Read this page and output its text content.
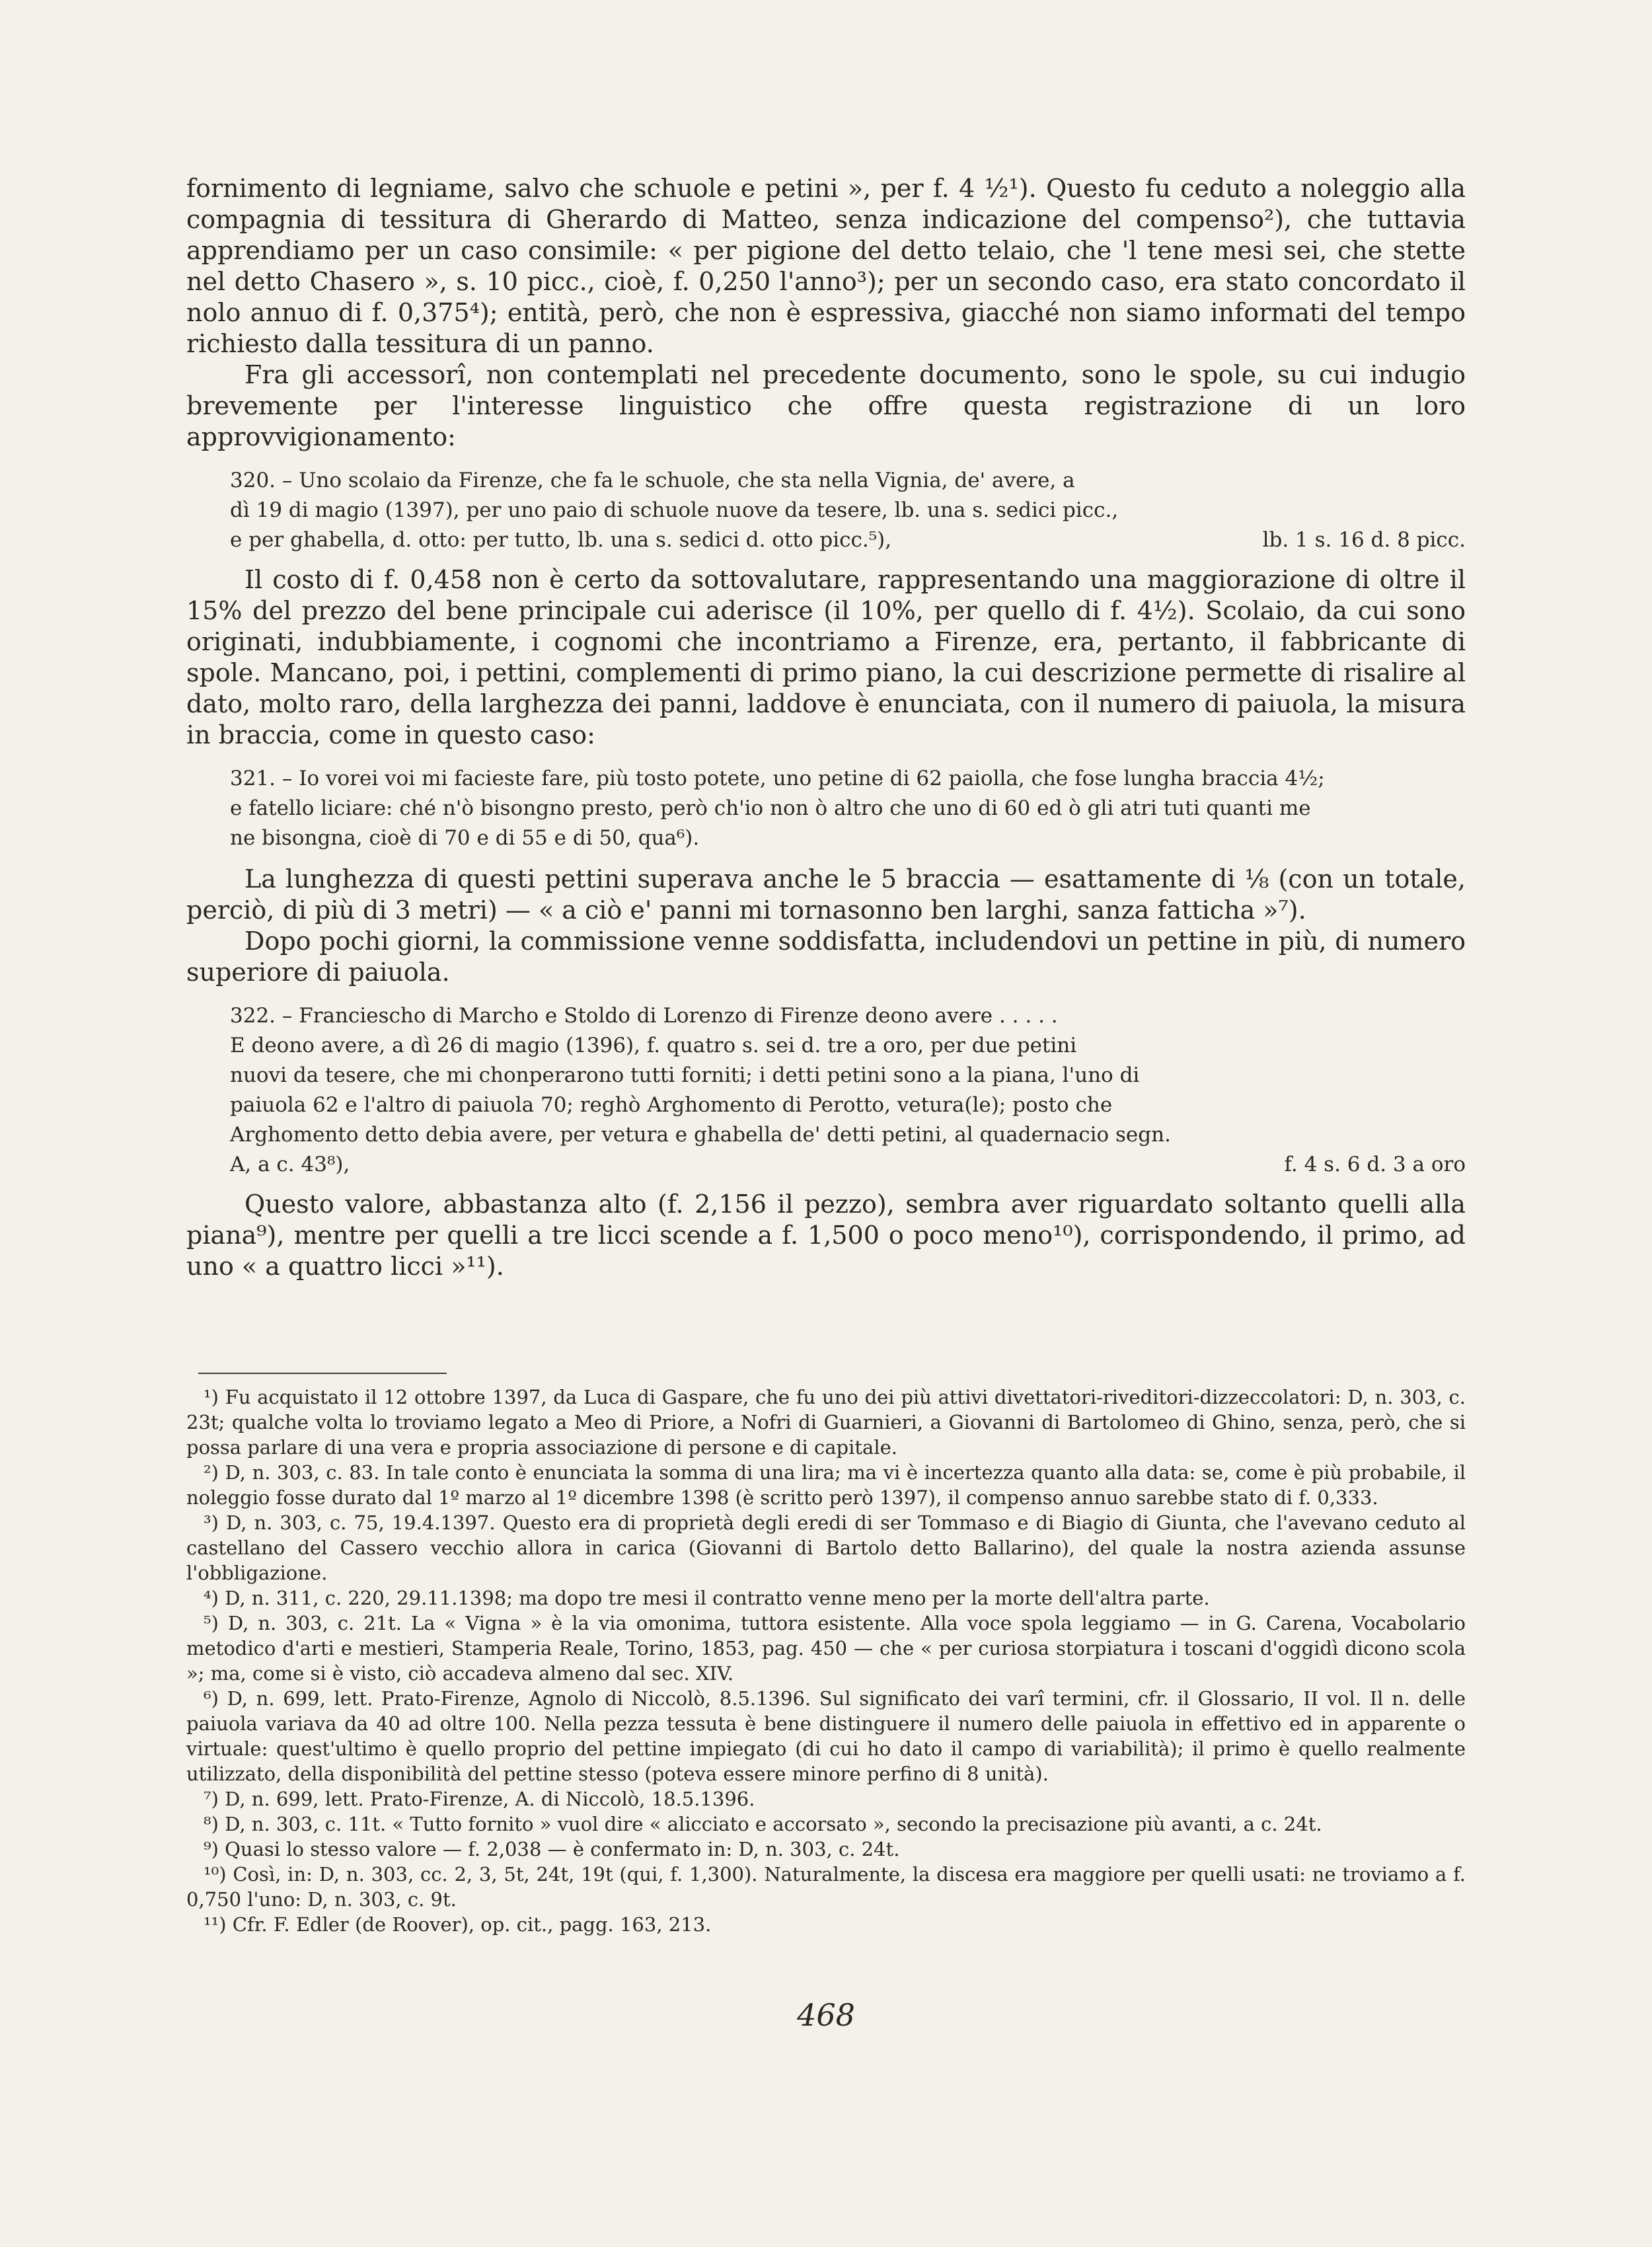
fornimento di legniame, salvo che schuole e petini », per f. 4 ½¹). Questo fu ceduto a noleggio alla compagnia di tessitura di Gherardo di Matteo, senza indicazione del compenso²), che tuttavia apprendiamo per un caso consimile: « per pigione del detto telaio, che 'l tene mesi sei, che stette nel detto Chasero », s. 10 picc., cioè, f. 0,250 l'anno³); per un secondo caso, era stato concordato il nolo annuo di f. 0,375⁴); entità, però, che non è espressiva, giacché non siamo informati del tempo richiesto dalla tessitura di un panno.

Fra gli accessorî, non contemplati nel precedente documento, sono le spole, su cui indugio brevemente per l'interesse linguistico che offre questa registrazione di un loro approvvigionamento:

320. – Uno scolaio da Firenze, che fa le schuole, che sta nella Vignia, de' avere, a
dì 19 di magio (1397), per uno paio di schuole nuove da tesere, lb. una s. sedici picc.,
e per ghabella, d. otto: per tutto, lb. una s. sedici d. otto picc.⁵),	lb. 1 s. 16 d. 8 picc.

Il costo di f. 0,458 non è certo da sottovalutare, rappresentando una maggiorazione di oltre il 15% del prezzo del bene principale cui aderisce (il 10%, per quello di f. 4½). Scolaio, da cui sono originati, indubbiamente, i cognomi che incontriamo a Firenze, era, pertanto, il fabbricante di spole. Mancano, poi, i pettini, complementi di primo piano, la cui descrizione permette di risalire al dato, molto raro, della larghezza dei panni, laddove è enunciata, con il numero di paiuola, la misura in braccia, come in questo caso:

321. – Io vorei voi mi facieste fare, più tosto potete, uno petine di 62 paiolla, che fose lungha braccia 4½;
e fatello liciare: ché n'ò bisongno presto, però ch'io non ò altro che uno di 60 ed ò gli atri tuti quanti me
ne bisongna, cioè di 70 e di 55 e di 50, qua⁶).

La lunghezza di questi pettini superava anche le 5 braccia — esattamente di ⅛ (con un totale, perciò, di più di 3 metri) — « a ciò e' panni mi tornasonno ben larghi, sanza fatticha »⁷).

Dopo pochi giorni, la commissione venne soddisfatta, includendovi un pettine in più, di numero superiore di paiuola.

322. – Francieschо di Marcho e Stoldo di Lorenzo di Firenze deono avere . . . . .
E deono avere, a dì 26 di magio (1396), f. quatro s. sei d. tre a oro, per due petini
nuovi da tesere, che mi chonperarono tutti forniti; i detti petini sono a la piana, l'uno di
paiuola 62 e l'altro di paiuola 70; reghò Arghomento di Perotto, vetura(le); posto che
Arghomento detto debia avere, per vetura e ghabella de' detti petini, al quadernacio segn.
A, a c. 43⁸),	f. 4 s. 6 d. 3 a oro

Questo valore, abbastanza alto (f. 2,156 il pezzo), sembra aver riguardato soltanto quelli alla piana⁹), mentre per quelli a tre licci scende a f. 1,500 o poco meno¹⁰), corrispondendo, il primo, ad uno « a quattro licci »¹¹).

¹) Fu acquistato il 12 ottobre 1397, da Luca di Gaspare, che fu uno dei più attivi divettatori-riveditori-dizzeccolatori: D, n. 303, c. 23t; qualche volta lo troviamo legato a Meo di Priore, a Nofri di Guarnieri, a Giovanni di Bartolomeo di Ghino, senza, però, che si possa parlare di una vera e propria associazione di persone e di capitale.

²) D, n. 303, c. 83. In tale conto è enunciata la somma di una lira; ma vi è incertezza quanto alla data: se, come è più probabile, il noleggio fosse durato dal 1º marzo al 1º dicembre 1398 (è scritto però 1397), il compenso annuo sarebbe stato di f. 0,333.

³) D, n. 303, c. 75, 19.4.1397. Questo era di proprietà degli eredi di ser Tommaso e di Biagio di Giunta, che l'avevano ceduto al castellano del Cassero vecchio allora in carica (Giovanni di Bartolo detto Ballarino), del quale la nostra azienda assunse l'obbligazione.

⁴) D, n. 311, c. 220, 29.11.1398; ma dopo tre mesi il contratto venne meno per la morte dell'altra parte.

⁵) D, n. 303, c. 21t. La « Vigna » è la via omonima, tuttora esistente. Alla voce spola leggiamo — in G. Carena, Vocabolario metodico d'arti e mestieri, Stamperia Reale, Torino, 1853, pag. 450 — che « per curiosa storpiatura i toscani d'oggidì dicono scola »; ma, come si è visto, ciò accadeva almeno dal sec. XIV.

⁶) D, n. 699, lett. Prato-Firenze, Agnolo di Niccolò, 8.5.1396. Sul significato dei varî termini, cfr. il Glossario, II vol. Il n. delle paiuola variava da 40 ad oltre 100. Nella pezza tessuta è bene distinguere il numero delle paiuola in effettivo ed in apparente o virtuale: quest'ultimo è quello proprio del pettine impiegato (di cui ho dato il campo di variabilità); il primo è quello realmente utilizzato, della disponibilità del pettine stesso (poteva essere minore perfino di 8 unità).

⁷) D, n. 699, lett. Prato-Firenze, A. di Niccolò, 18.5.1396.

⁸) D, n. 303, c. 11t. « Tutto fornito » vuol dire « alicciato e accorsato », secondo la precisazione più avanti, a c. 24t.

⁹) Quasi lo stesso valore — f. 2,038 — è confermato in: D, n. 303, c. 24t.

¹⁰) Così, in: D, n. 303, cc. 2, 3, 5t, 24t, 19t (qui, f. 1,300). Naturalmente, la discesa era maggiore per quelli usati: ne troviamo a f. 0,750 l'uno: D, n. 303, c. 9t.

¹¹) Cfr. F. Edler (de Roover), op. cit., pagg. 163, 213.

468
